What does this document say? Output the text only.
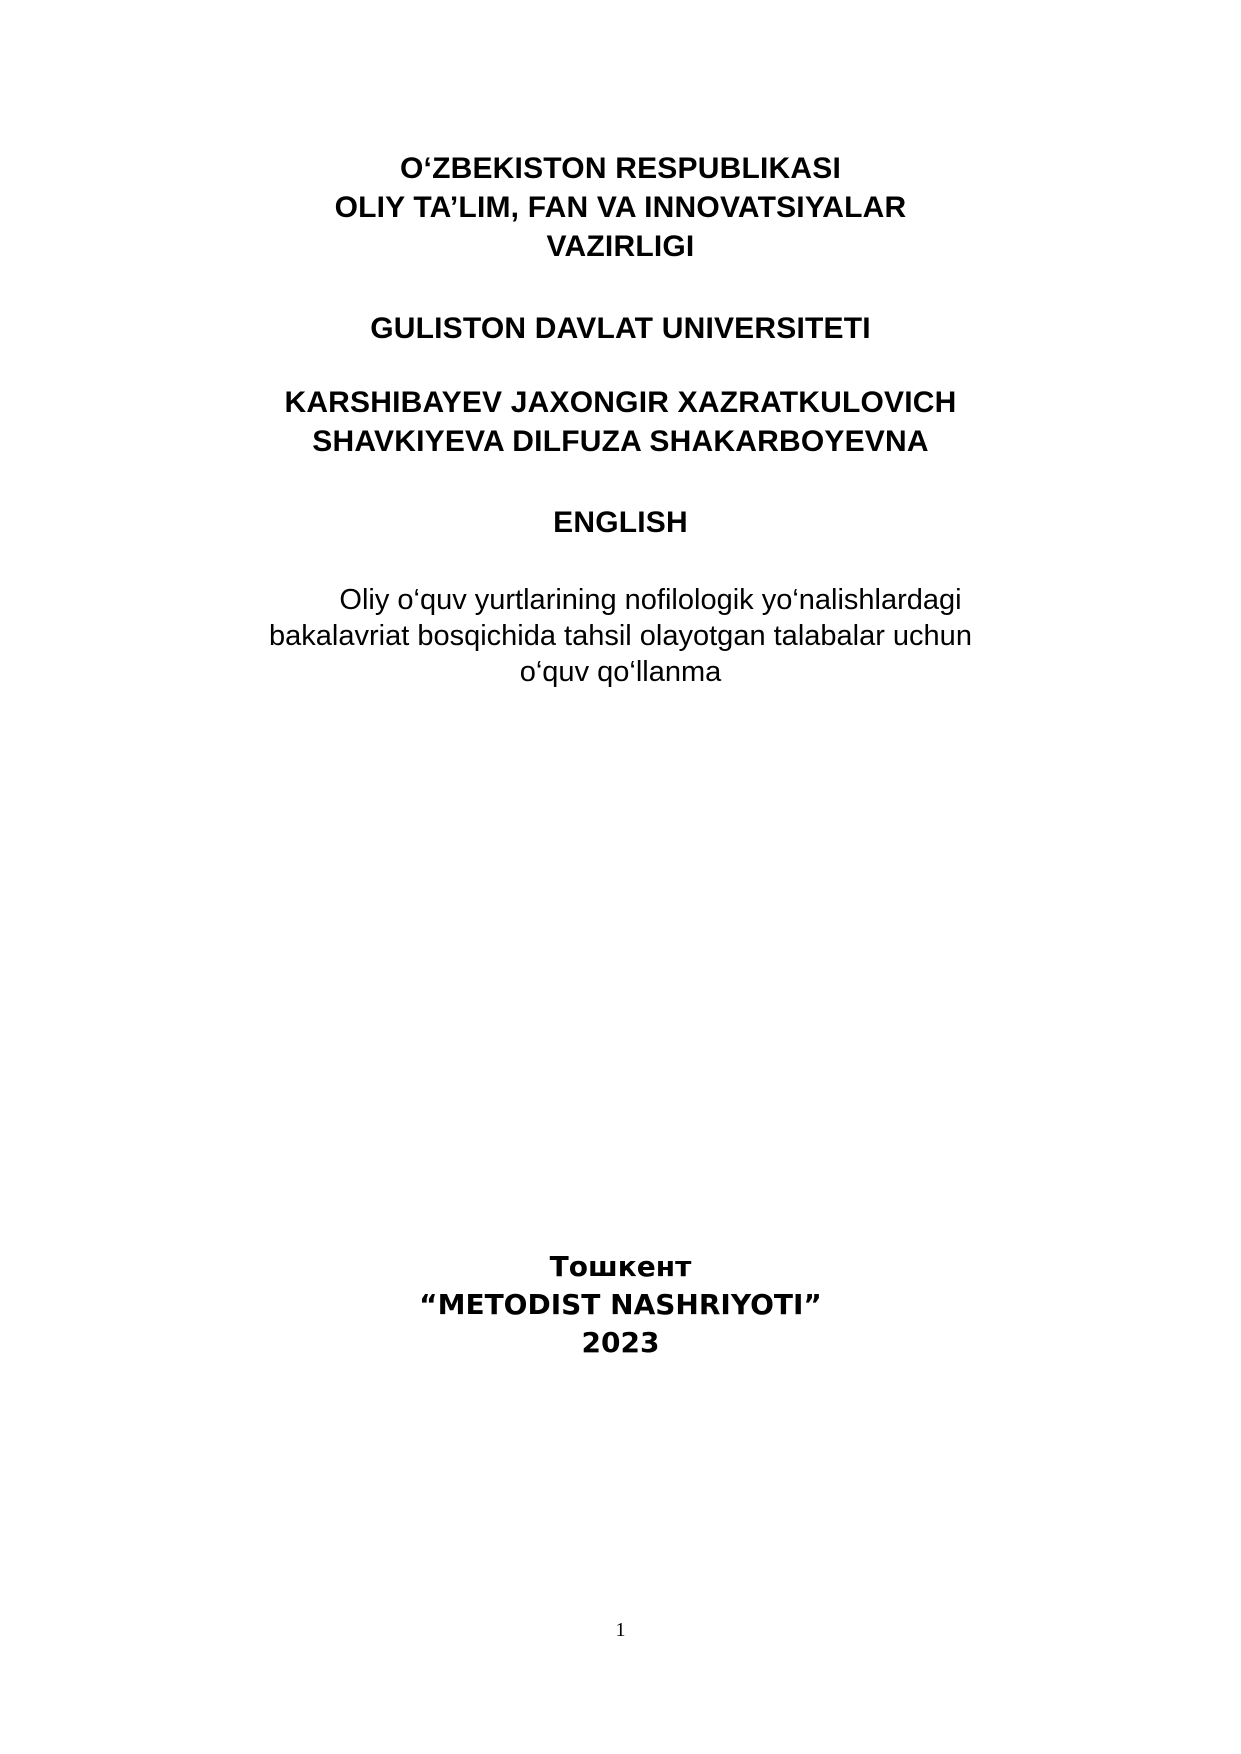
O‘ZBEKISTON RESPUBLIKASI
OLIY TA’LIM, FAN VA INNOVATSIYALAR
VAZIRLIGI
GULISTON DAVLAT UNIVERSITETI
KARSHIBAYEV JAXONGIR XAZRATKULOVICH
SHAVKIYEVA DILFUZA SHAKARBOYEVNA
ENGLISH
Oliy o‘quv yurtlarining nofilologik yo‘nalishlardagi
bakalavriat bosqichida tahsil olayotgan talabalar uchun
o‘quv qo‘llanma
Тошкент
“METODIST NASHRIYOTI”
2023
1
